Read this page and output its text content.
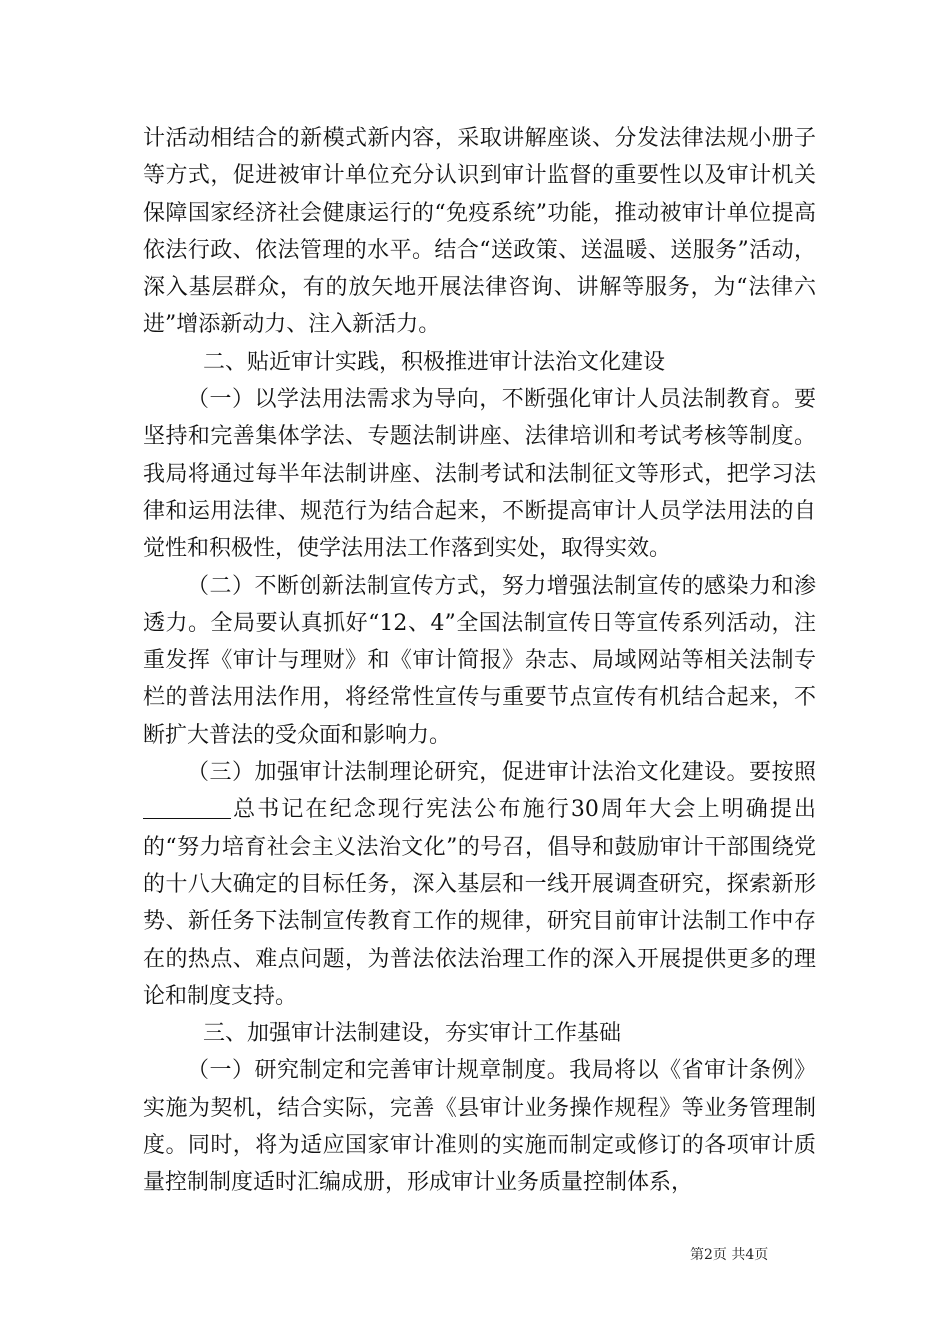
计活动相结合的新模式新内容，采取讲解座谈、分发法律法规小册子等方式，促进被审计单位充分认识到审计监督的重要性以及审计机关保障国家经济社会健康运行的“免疫系统”功能，推动被审计单位提高依法行政、依法管理的水平。结合“送政策、送温暖、送服务”活动，深入基层群众，有的放矢地开展法律咨询、讲解等服务，为“法律六进”增添新动力、注入新活力。

二、贴近审计实践，积极推进审计法治文化建设

（一）以学法用法需求为导向，不断强化审计人员法制教育。要坚持和完善集体学法、专题法制讲座、法律培训和考试考核等制度。我局将通过每半年法制讲座、法制考试和法制征文等形式，把学习法律和运用法律、规范行为结合起来，不断提高审计人员学法用法的自觉性和积极性，使学法用法工作落到实处，取得实效。

（二）不断创新法制宣传方式，努力增强法制宣传的感染力和渗透力。全局要认真抓好“12、4”全国法制宣传日等宣传系列活动，注重发挥《审计与理财》和《审计简报》杂志、局域网站等相关法制专栏的普法用法作用，将经常性宣传与重要节点宣传有机结合起来，不断扩大普法的受众面和影响力。

（三）加强审计法制理论研究，促进审计法治文化建设。要按照总书记在纪念现行宪法公布施行30周年大会上明确提出的“努力培育社会主义法治文化”的号召，倡导和鼓励审计干部围绕党的十八大确定的目标任务，深入基层和一线开展调查研究，探索新形势、新任务下法制宣传教育工作的规律，研究目前审计法制工作中存在的热点、难点问题，为普法依法治理工作的深入开展提供更多的理论和制度支持。

三、加强审计法制建设，夯实审计工作基础

（一）研究制定和完善审计规章制度。我局将以《省审计条例》实施为契机，结合实际，完善《县审计业务操作规程》等业务管理制度。同时，将为适应国家审计准则的实施而制定或修订的各项审计质量控制制度适时汇编成册，形成审计业务质量控制体系，

第2页 共4页
